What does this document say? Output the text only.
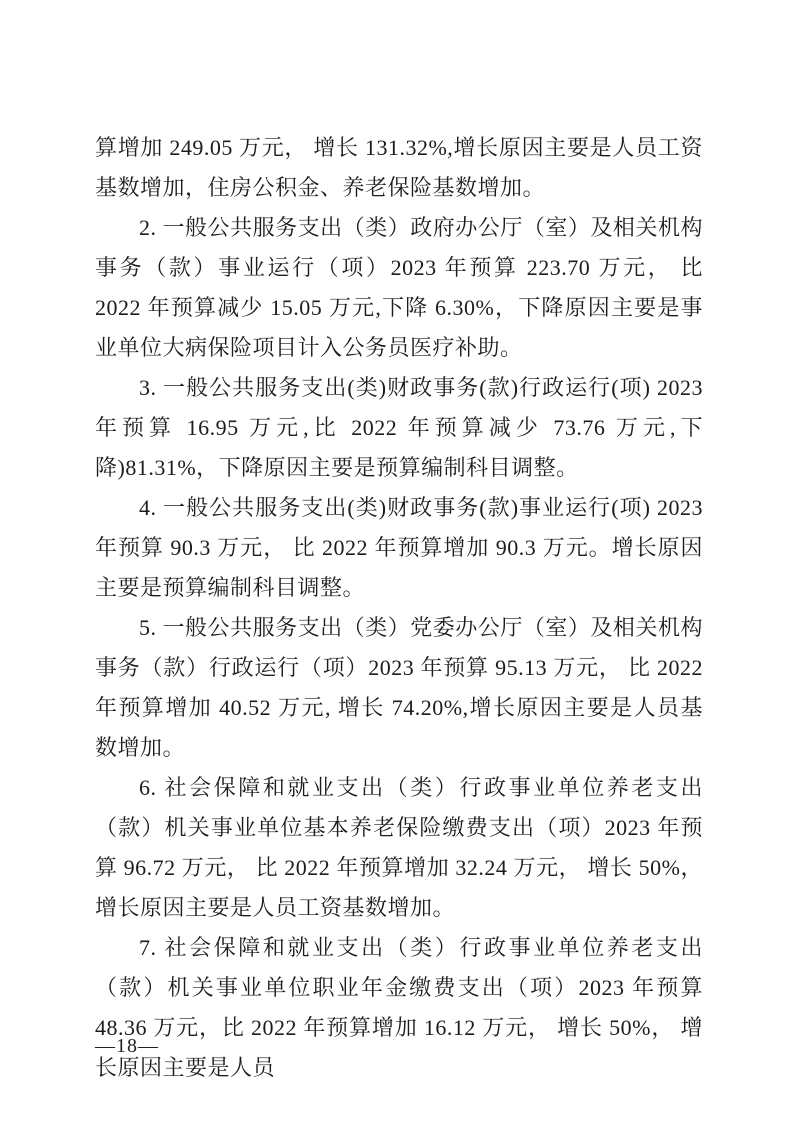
算增加 249.05 万元， 增长 131.32%,增长原因主要是人员工资基数增加，住房公积金、养老保险基数增加。

2. 一般公共服务支出（类）政府办公厅（室）及相关机构事务（款）事业运行（项）2023 年预算 223.70 万元， 比 2022 年预算减少 15.05 万元,下降 6.30%，下降原因主要是事业单位大病保险项目计入公务员医疗补助。

3. 一般公共服务支出(类)财政事务(款)行政运行(项) 2023 年预算 16.95 万元,比 2022 年预算减少 73.76 万元,下降)81.31%，下降原因主要是预算编制科目调整。

4. 一般公共服务支出(类)财政事务(款)事业运行(项) 2023 年预算 90.3 万元， 比 2022 年预算增加 90.3 万元。增长原因主要是预算编制科目调整。

5. 一般公共服务支出（类）党委办公厅（室）及相关机构事务（款）行政运行（项）2023 年预算 95.13 万元， 比 2022 年预算增加 40.52 万元, 增长 74.20%,增长原因主要是人员基数增加。

6. 社会保障和就业支出（类）行政事业单位养老支出（款）机关事业单位基本养老保险缴费支出（项）2023 年预算 96.72 万元， 比 2022 年预算增加 32.24 万元， 增长 50%， 增长原因主要是人员工资基数增加。

7. 社会保障和就业支出（类）行政事业单位养老支出（款）机关事业单位职业年金缴费支出（项）2023 年预算 48.36 万元，比 2022 年预算增加 16.12 万元， 增长 50%， 增长原因主要是人员

—18—
